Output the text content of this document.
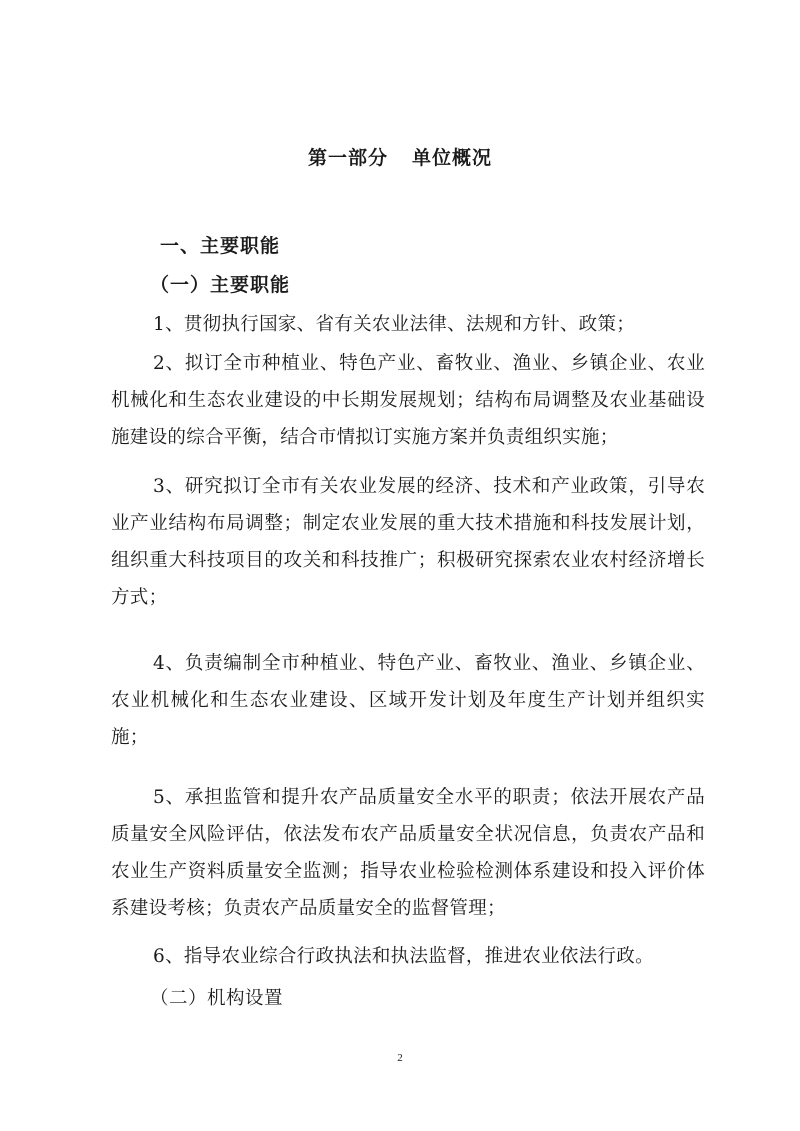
第一部分 单位概况
一、主要职能
（一）主要职能
1、贯彻执行国家、省有关农业法律、法规和方针、政策；
2、拟订全市种植业、特色产业、畜牧业、渔业、乡镇企业、农业机械化和生态农业建设的中长期发展规划；结构布局调整及农业基础设施建设的综合平衡，结合市情拟订实施方案并负责组织实施；
3、研究拟订全市有关农业发展的经济、技术和产业政策，引导农业产业结构布局调整；制定农业发展的重大技术措施和科技发展计划，组织重大科技项目的攻关和科技推广；积极研究探索农业农村经济增长方式；
4、负责编制全市种植业、特色产业、畜牧业、渔业、乡镇企业、农业机械化和生态农业建设、区域开发计划及年度生产计划并组织实施；
5、承担监管和提升农产品质量安全水平的职责；依法开展农产品质量安全风险评估，依法发布农产品质量安全状况信息，负责农产品和农业生产资料质量安全监测；指导农业检验检测体系建设和投入评价体系建设考核；负责农产品质量安全的监督管理；
6、指导农业综合行政执法和执法监督，推进农业依法行政。
（二）机构设置
2
